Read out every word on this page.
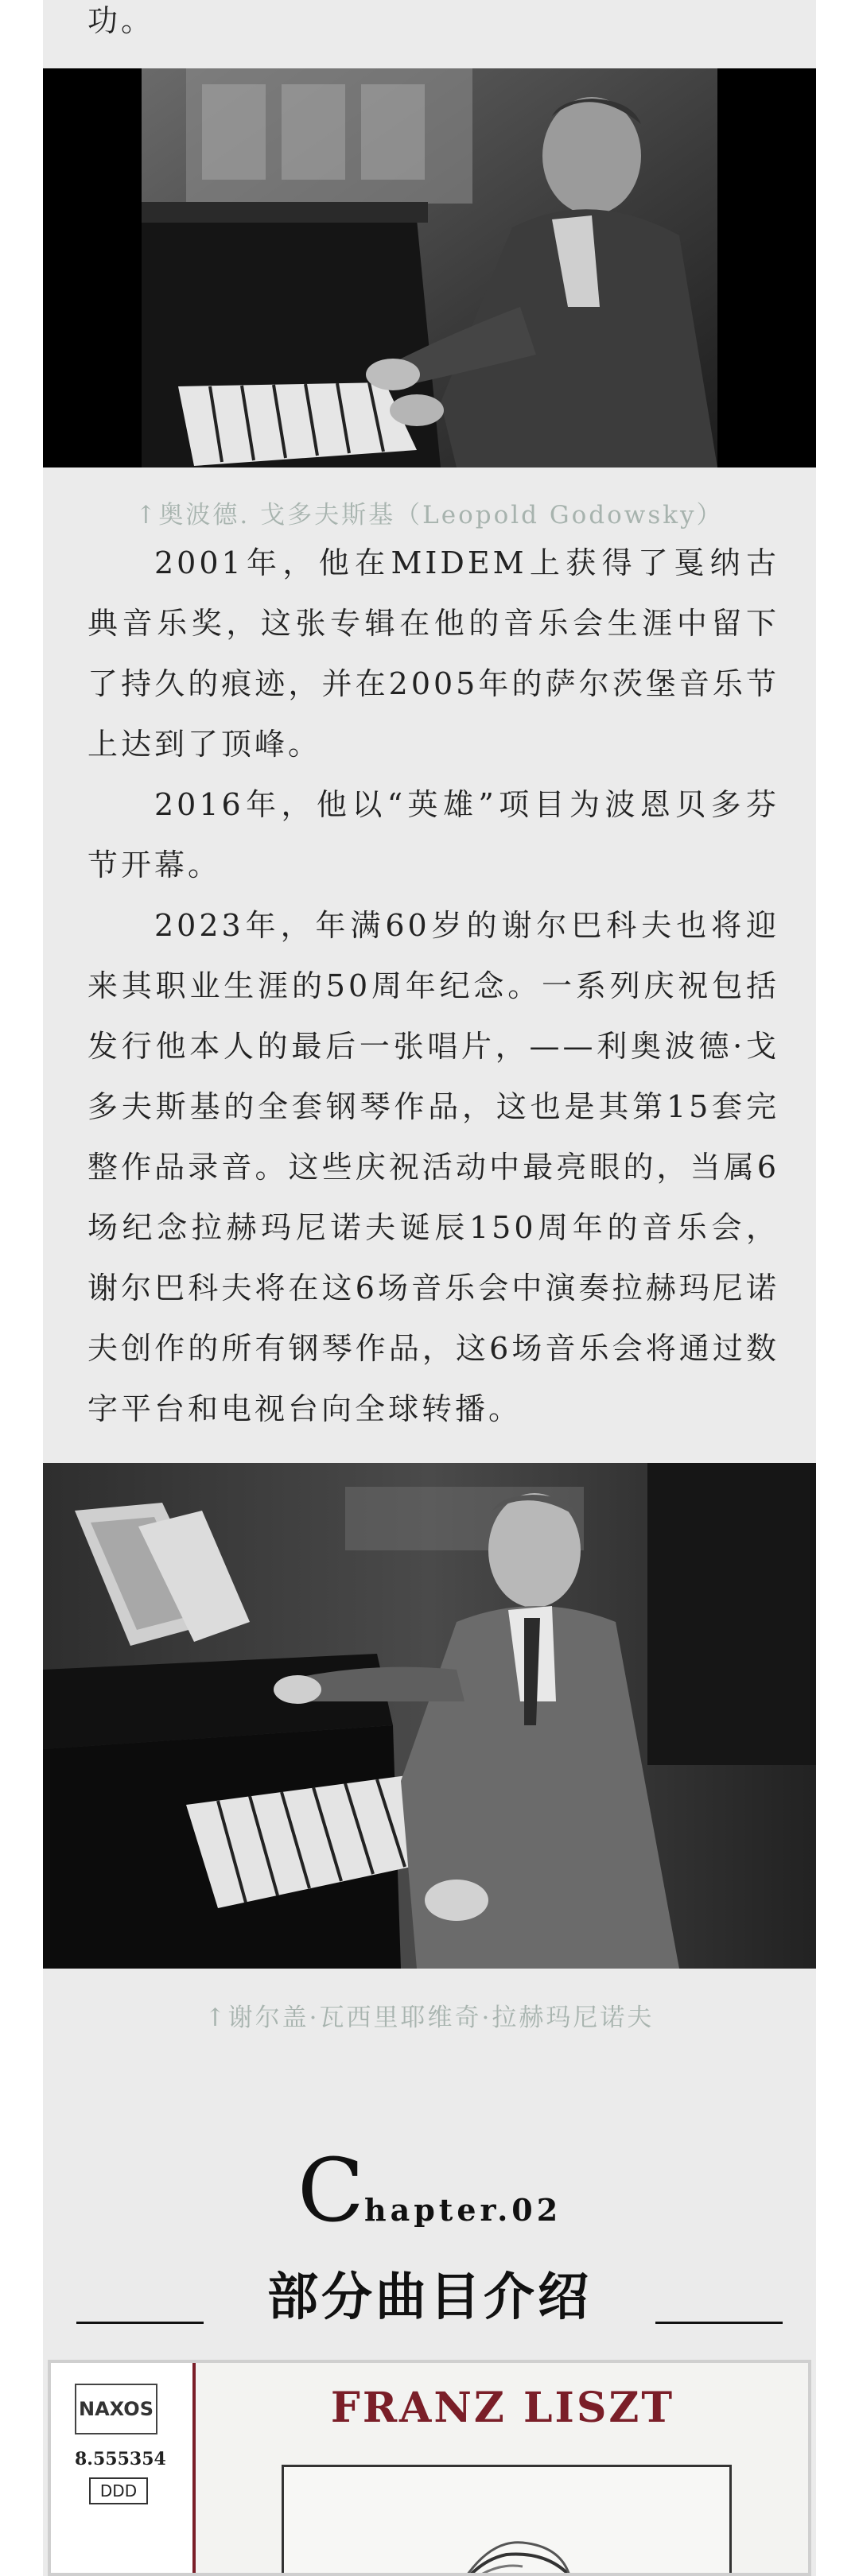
功。

↑奥波德. 戈多夫斯基（Leopold Godowsky）

2001年，他在MIDEM上获得了戛纳古典音乐奖，这张专辑在他的音乐会生涯中留下了持久的痕迹，并在2005年的萨尔茨堡音乐节上达到了顶峰。

2016年，他以“英雄”项目为波恩贝多芬节开幕。

2023年，年满60岁的谢尔巴科夫也将迎来其职业生涯的50周年纪念。一系列庆祝包括发行他本人的最后一张唱片，——利奥波德·戈多夫斯基的全套钢琴作品，这也是其第15套完整作品录音。这些庆祝活动中最亮眼的，当属6场纪念拉赫玛尼诺夫诞辰150周年的音乐会，谢尔巴科夫将在这6场音乐会中演奏拉赫玛尼诺夫创作的所有钢琴作品，这6场音乐会将通过数字平台和电视台向全球转播。

↑谢尔盖·瓦西里耶维奇·拉赫玛尼诺夫

Chapter.02
部分曲目介绍
NAXOS
8.555354
DDD
FRANZ LISZT
